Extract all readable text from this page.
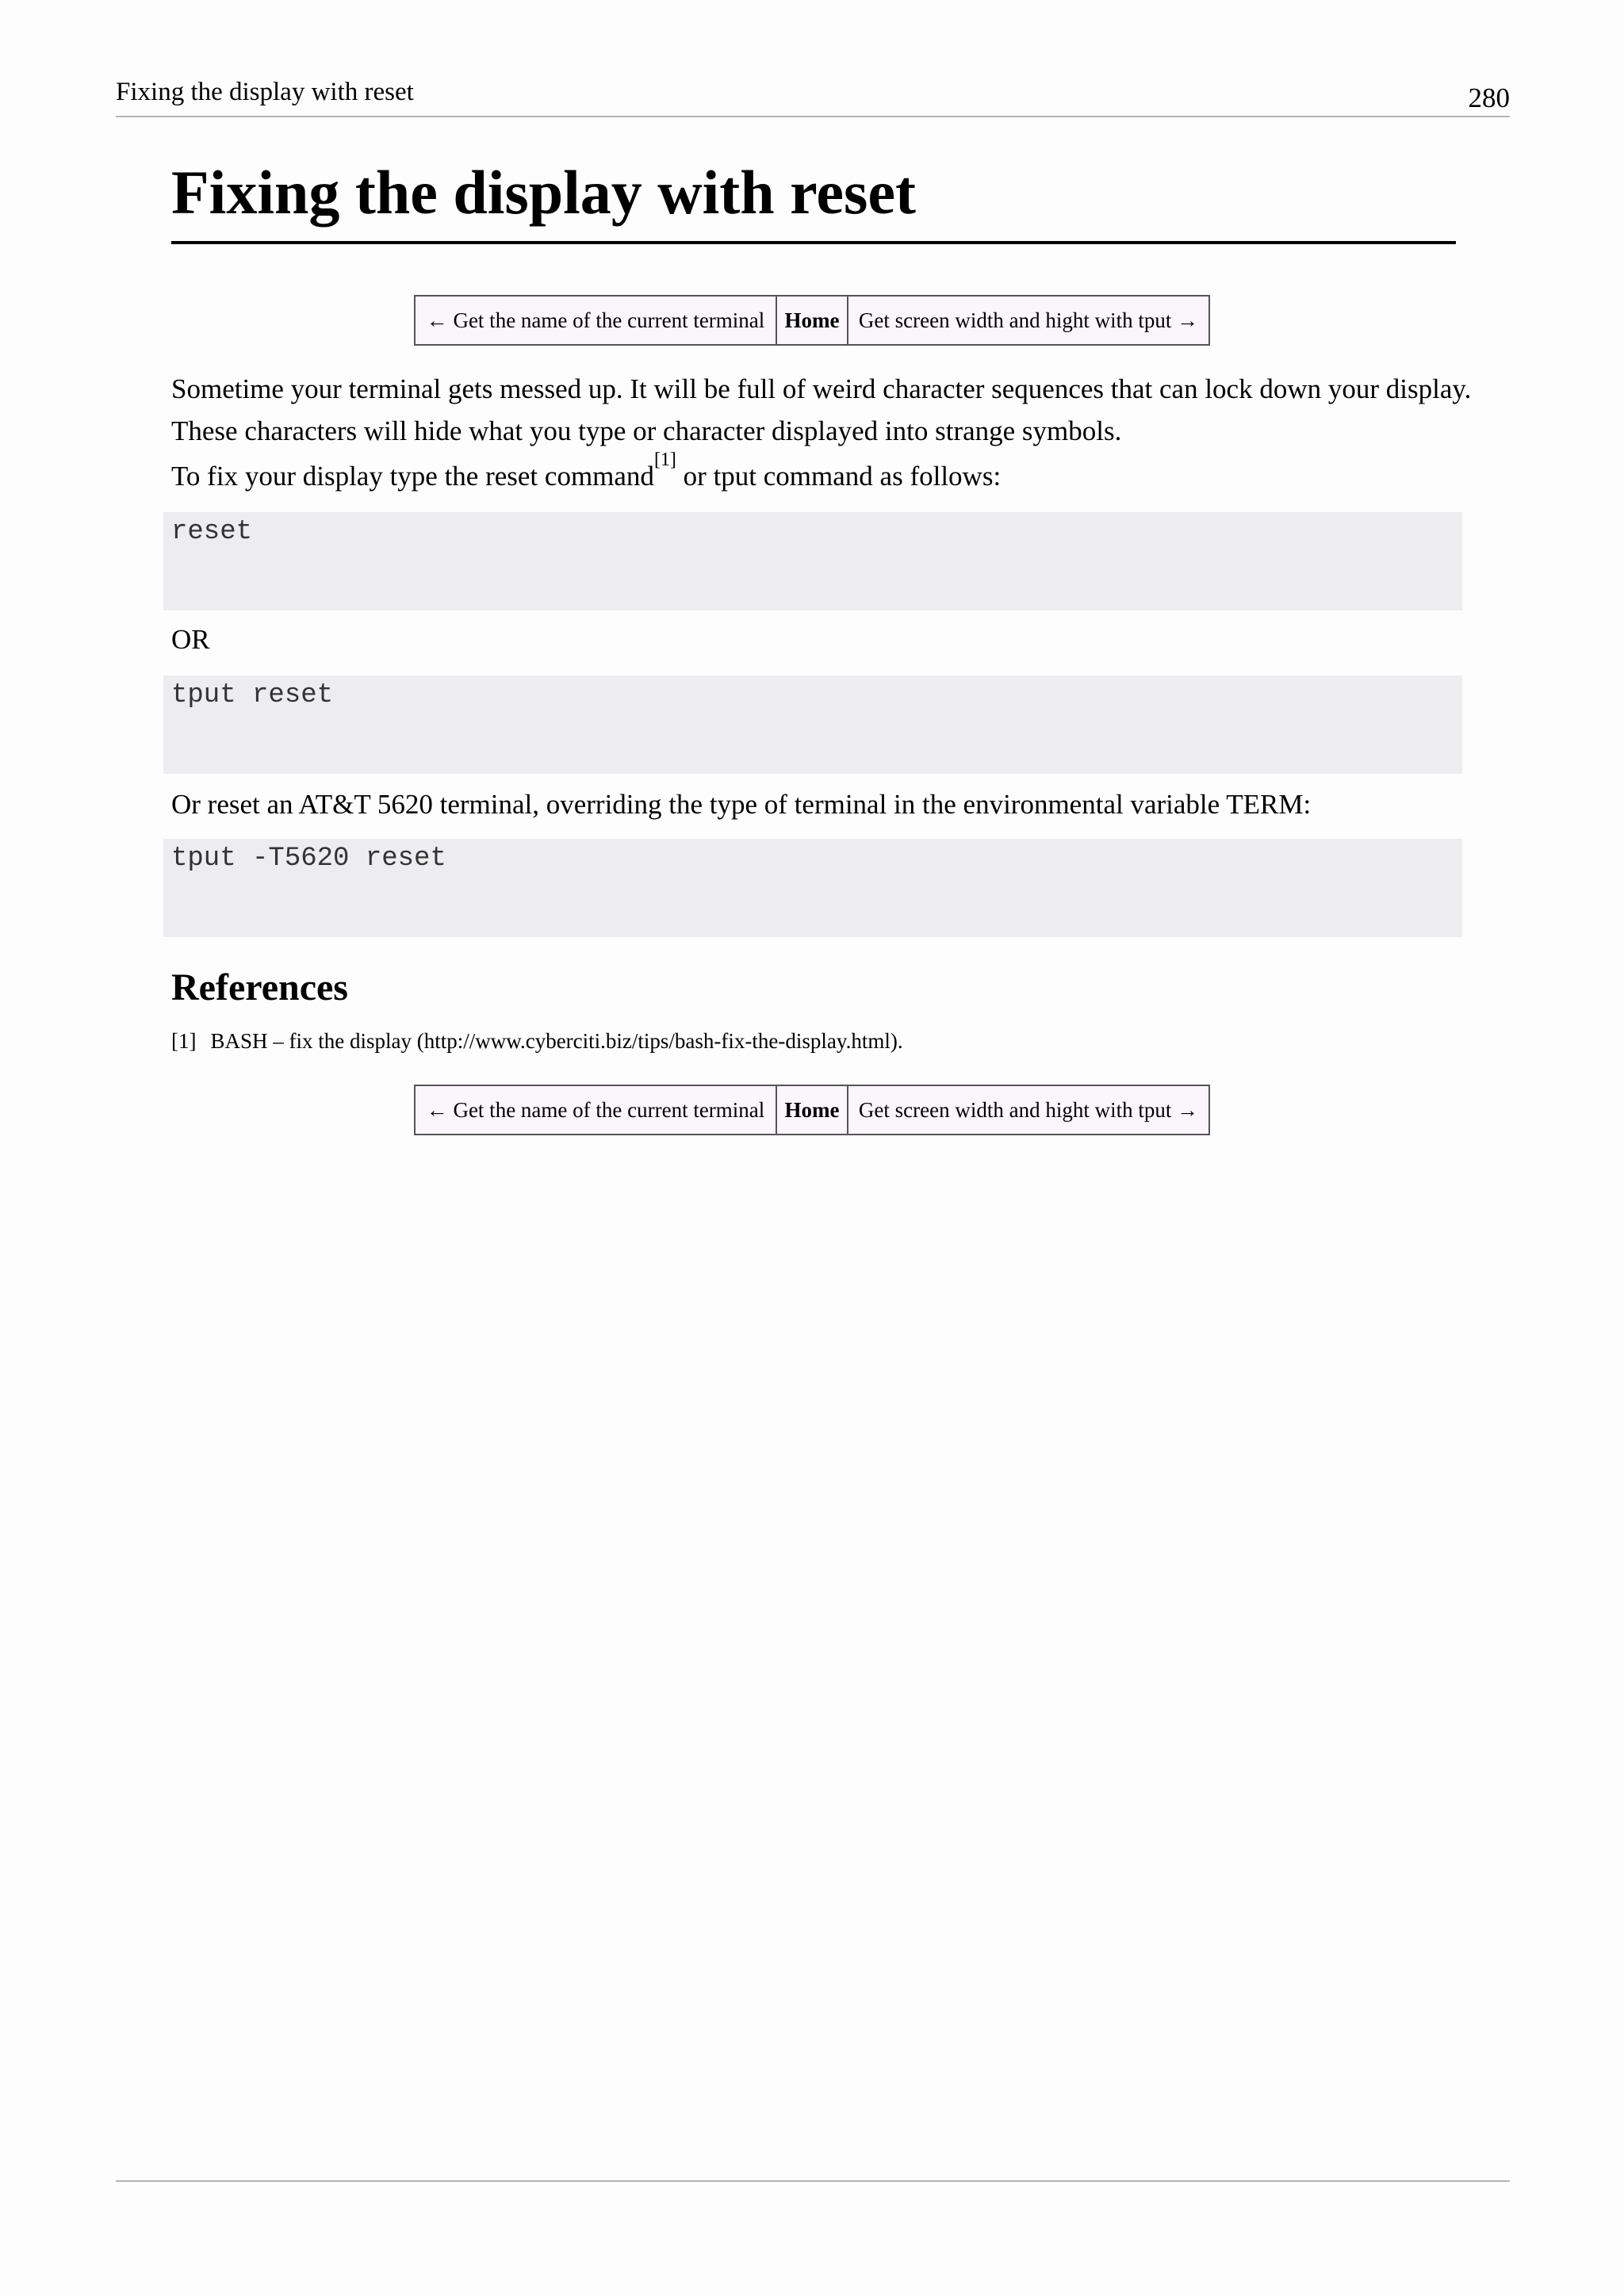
Fixing the display with reset	280
Fixing the display with reset
← Get the name of the current terminal Home Get screen width and hight with tput →

Sometime your terminal gets messed up. It will be full of weird character sequences that can lock down your display.
These characters will hide what you type or character displayed into strange symbols.

To fix your display type the reset command[1] or tput command as follows:

reset

OR

tput reset

Or reset an AT&T 5620 terminal, overriding the type of terminal in the environmental variable TERM:

tput -T5620 reset
References
[1] BASH – fix the display (http://www.cyberciti.biz/tips/bash-fix-the-display.html).
← Get the name of the current terminal Home Get screen width and hight with tput →
